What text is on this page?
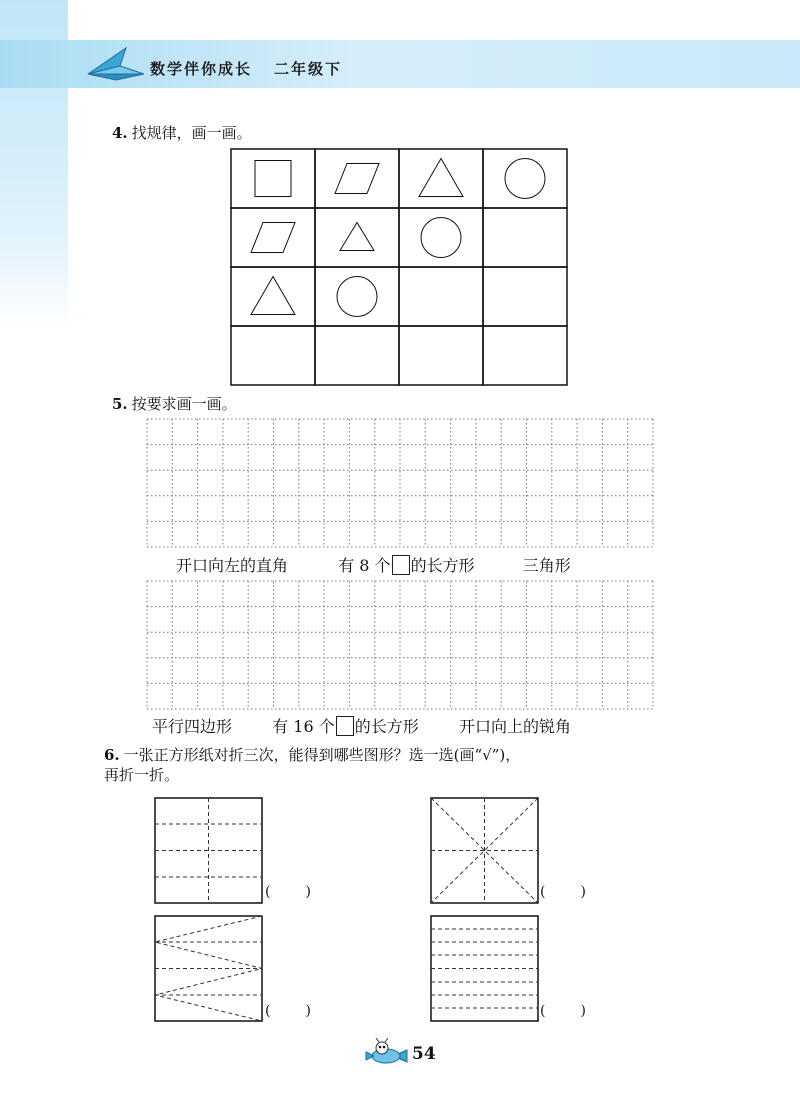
数学伴你成长 二年级下
4. 找规律，画一画。
5. 按要求画一画。
开口向左的直角	有 8 个 的长方形	三角形
平行四边形	有 16 个 的长方形	开口向上的锐角
6. 一张正方形纸对折三次，能得到哪些图形？选一选(画“√”)，
再折一折。
( )	( )
( )	( )
54
